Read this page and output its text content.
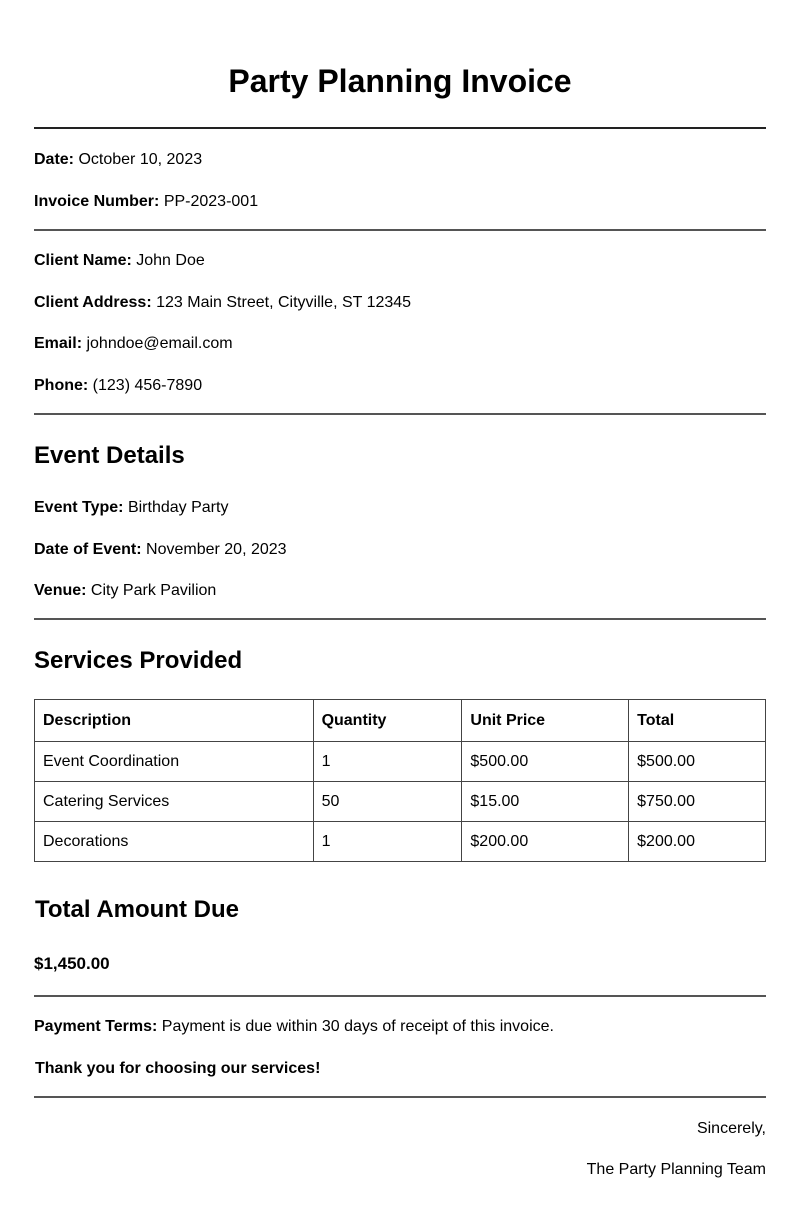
Party Planning Invoice
Date: October 10, 2023
Invoice Number: PP-2023-001
Client Name: John Doe
Client Address: 123 Main Street, Cityville, ST 12345
Email: johndoe@email.com
Phone: (123) 456-7890
Event Details
Event Type: Birthday Party
Date of Event: November 20, 2023
Venue: City Park Pavilion
Services Provided
Description	Quantity	Unit Price	Total
Event Coordination	1	$500.00	$500.00
Catering Services	50	$15.00	$750.00
Decorations	1	$200.00	$200.00
Total Amount Due
$1,450.00
Payment Terms: Payment is due within 30 days of receipt of this invoice.
Thank you for choosing our services!
Sincerely,
The Party Planning Team
